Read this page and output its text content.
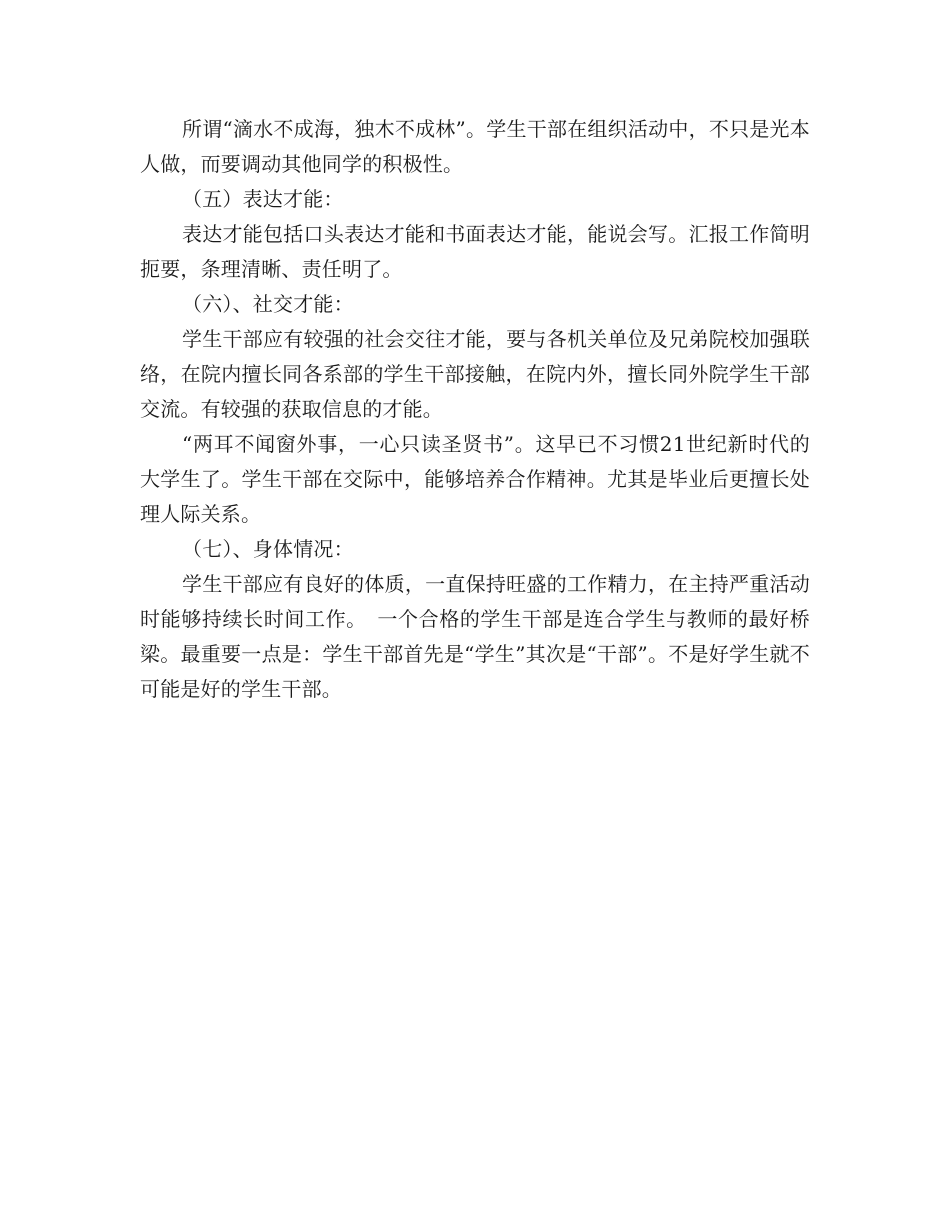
所谓“滴水不成海，独木不成林”。学生干部在组织活动中，不只是光本人做，而要调动其他同学的积极性。

（五）表达才能：

表达才能包括口头表达才能和书面表达才能，能说会写。汇报工作简明扼要，条理清晰、责任明了。

（六）、社交才能：

学生干部应有较强的社会交往才能，要与各机关单位及兄弟院校加强联络，在院内擅长同各系部的学生干部接触，在院内外，擅长同外院学生干部交流。有较强的获取信息的才能。

“两耳不闻窗外事，一心只读圣贤书”。这早已不习惯21世纪新时代的大学生了。学生干部在交际中，能够培养合作精神。尤其是毕业后更擅长处理人际关系。

（七）、身体情况：

学生干部应有良好的体质，一直保持旺盛的工作精力，在主持严重活动时能够持续长时间工作。　一个合格的学生干部是连合学生与教师的最好桥梁。最重要一点是：学生干部首先是“学生”其次是“干部”。不是好学生就不可能是好的学生干部。
